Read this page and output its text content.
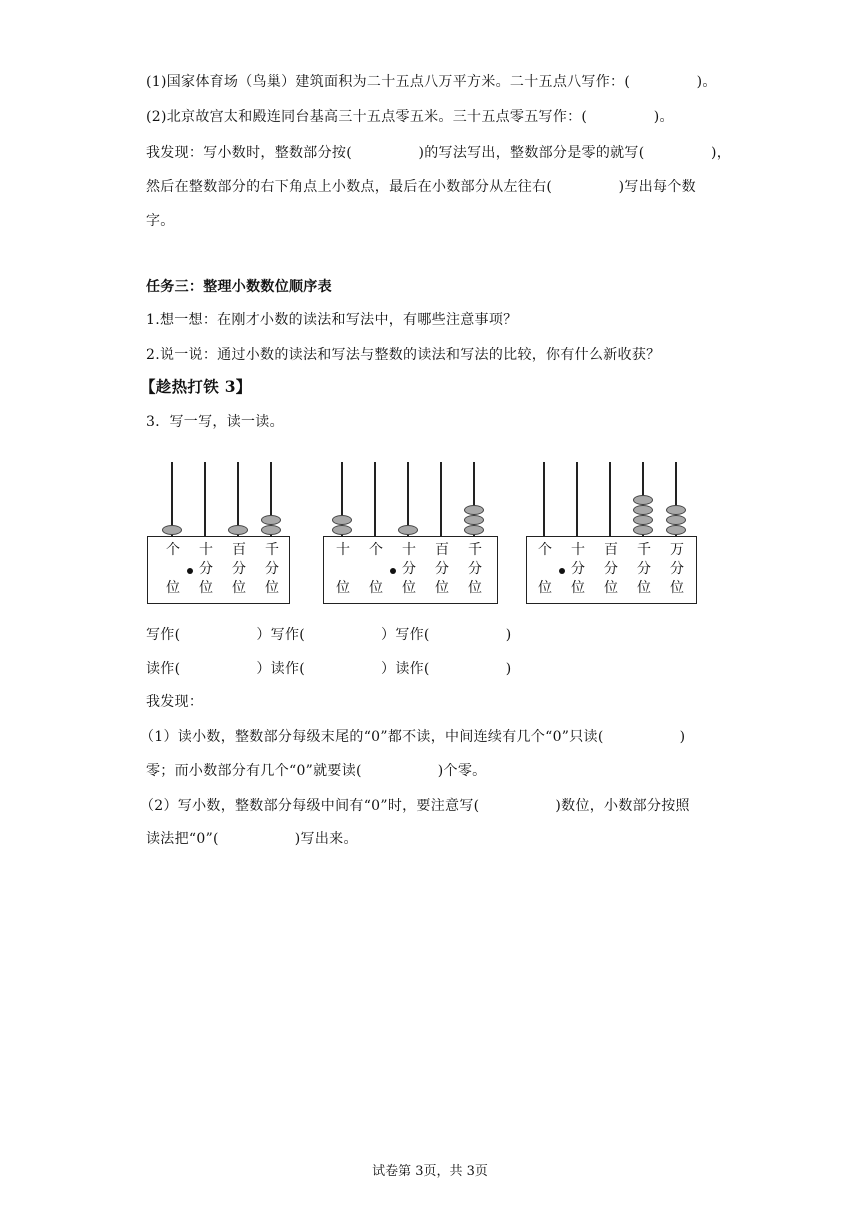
(1)国家体育场（鸟巢）建筑面积为二十五点八万平方米。二十五点八写作：(              )。
(2)北京故宫太和殿连同台基高三十五点零五米。三十五点零五写作：(              )。
我发现：写小数时，整数部分按(              )的写法写出，整数部分是零的就写(              )，
然后在整数部分的右下角点上小数点，最后在小数部分从左往右(              )写出每个数
字。
任务三：整理小数数位顺序表
1.想一想：在刚才小数的读法和写法中，有哪些注意事项？
2.说一说：通过小数的读法和写法与整数的读法和写法的比较，你有什么新收获？
【趁热打铁 3】
3．写一写，读一读。
个
位
十
分
位
百
分
位
千
分
位
十
位
个
位
十
分
位
百
分
位
千
分
位
个
位
十
分
位
百
分
位
千
分
位
万
分
位
写作(                ）写作(                ）写作(                )
读作(                ）读作(                ）读作(                )
我发现：
（1）读小数，整数部分每级末尾的“0”都不读，中间连续有几个“0”只读(                )
零；而小数部分有几个“0”就要读(                )个零。
（2）写小数，整数部分每级中间有“0”时，要注意写(                )数位，小数部分按照
读法把“0”(                )写出来。
试卷第 3页，共 3页
